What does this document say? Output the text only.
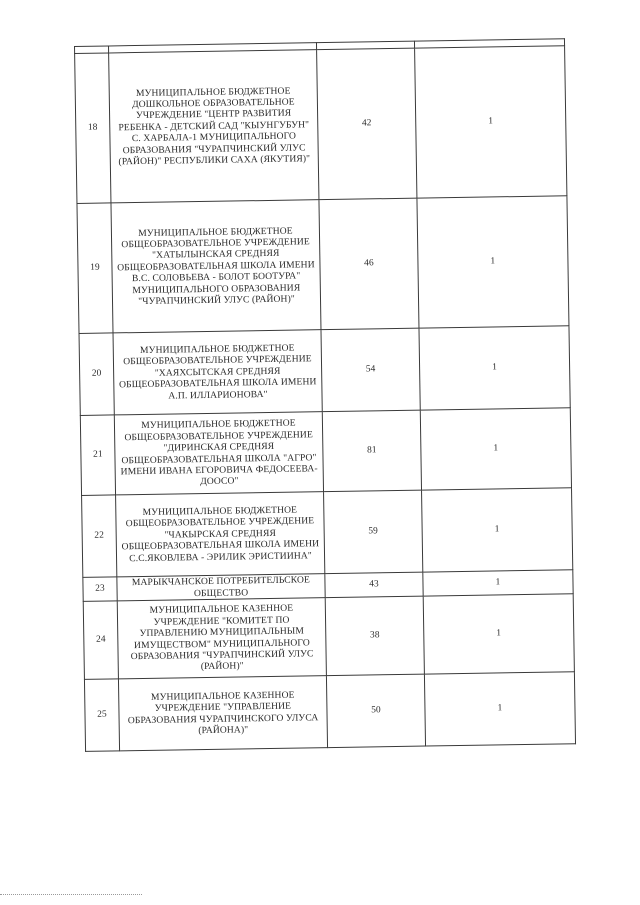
18	МУНИЦИПАЛЬНОЕ БЮДЖЕТНОЕ ДОШКОЛЬНОЕ ОБРАЗОВАТЕЛЬНОЕ УЧРЕЖДЕНИЕ "ЦЕНТР РАЗВИТИЯ РЕБЕНКА - ДЕТСКИЙ САД "КЫУНГУБУН" С. ХАРБАЛА-1 МУНИЦИПАЛЬНОГО ОБРАЗОВАНИЯ "ЧУРАПЧИНСКИЙ УЛУС (РАЙОН)" РЕСПУБЛИКИ САХА (ЯКУТИЯ)"	42	1
19	МУНИЦИПАЛЬНОЕ БЮДЖЕТНОЕ ОБЩЕОБРАЗОВАТЕЛЬНОЕ УЧРЕЖДЕНИЕ "ХАТЫЛЫНСКАЯ СРЕДНЯЯ ОБЩЕОБРАЗОВАТЕЛЬНАЯ ШКОЛА ИМЕНИ В.С. СОЛОВЬЕВА - БОЛОТ БООТУРА" МУНИЦИПАЛЬНОГО ОБРАЗОВАНИЯ "ЧУРАПЧИНСКИЙ УЛУС (РАЙОН)"	46	1
20	МУНИЦИПАЛЬНОЕ БЮДЖЕТНОЕ ОБЩЕОБРАЗОВАТЕЛЬНОЕ УЧРЕЖДЕНИЕ "ХАЯХСЫТСКАЯ СРЕДНЯЯ ОБЩЕОБРАЗОВАТЕЛЬНАЯ ШКОЛА ИМЕНИ А.П. ИЛЛАРИОНОВА"	54	1
21	МУНИЦИПАЛЬНОЕ БЮДЖЕТНОЕ ОБЩЕОБРАЗОВАТЕЛЬНОЕ УЧРЕЖДЕНИЕ "ДИРИНСКАЯ СРЕДНЯЯ ОБЩЕОБРАЗОВАТЕЛЬНАЯ ШКОЛА "АГРО" ИМЕНИ ИВАНА ЕГОРОВИЧА ФЕДОСЕЕВА-ДООСО"	81	1
22	МУНИЦИПАЛЬНОЕ БЮДЖЕТНОЕ ОБЩЕОБРАЗОВАТЕЛЬНОЕ УЧРЕЖДЕНИЕ "ЧАКЫРСКАЯ СРЕДНЯЯ ОБЩЕОБРАЗОВАТЕЛЬНАЯ ШКОЛА ИМЕНИ С.С.ЯКОВЛЕВА - ЭРИЛИК ЭРИСТИИНА"	59	1
23	МАРЫКЧАНСКОЕ ПОТРЕБИТЕЛЬСКОЕ ОБЩЕСТВО	43	1
24	МУНИЦИПАЛЬНОЕ КАЗЕННОЕ УЧРЕЖДЕНИЕ "КОМИТЕТ ПО УПРАВЛЕНИЮ МУНИЦИПАЛЬНЫМ ИМУЩЕСТВОМ" МУНИЦИПАЛЬНОГО ОБРАЗОВАНИЯ "ЧУРАПЧИНСКИЙ УЛУС (РАЙОН)"	38	1
25	МУНИЦИПАЛЬНОЕ КАЗЕННОЕ УЧРЕЖДЕНИЕ "УПРАВЛЕНИЕ ОБРАЗОВАНИЯ ЧУРАПЧИНСКОГО УЛУСА (РАЙОНА)"	50	1
